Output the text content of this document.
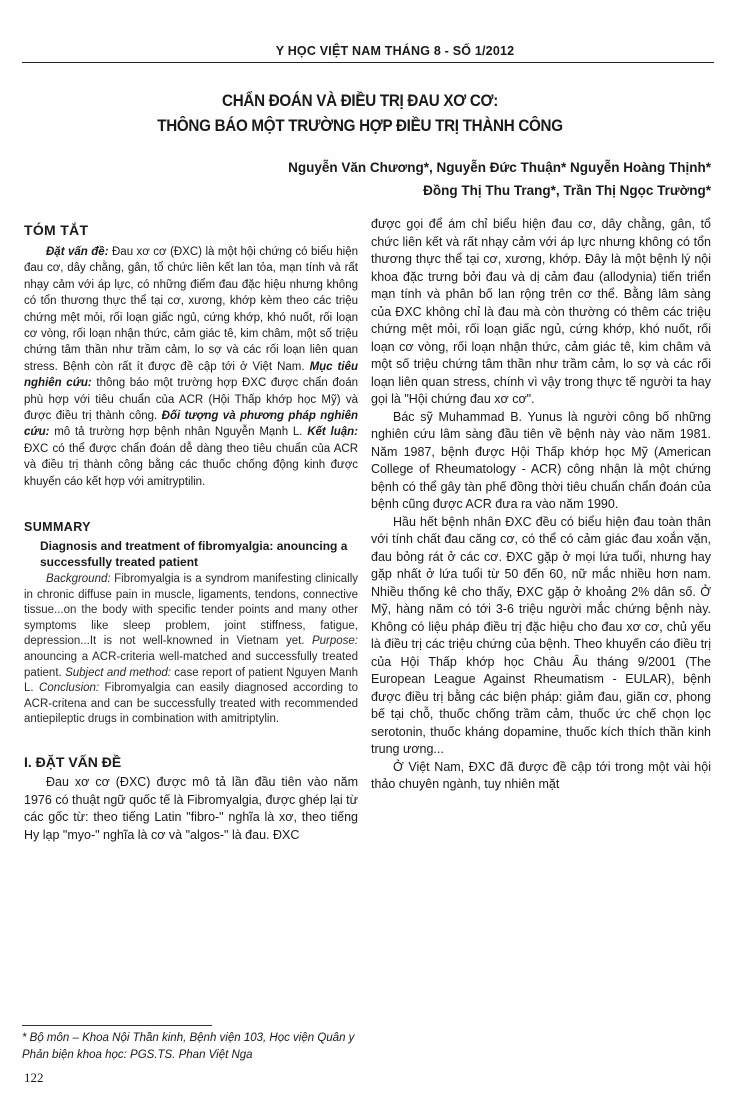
Y HỌC VIỆT NAM THÁNG 8 - SỐ 1/2012
CHẨN ĐOÁN VÀ ĐIỀU TRỊ ĐAU XƠ CƠ:
THÔNG BÁO MỘT TRƯỜNG HỢP ĐIỀU TRỊ THÀNH CÔNG
Nguyễn Văn Chương*, Nguyễn Đức Thuận* Nguyễn Hoàng Thịnh*
Đồng Thị Thu Trang*, Trần Thị Ngọc Trường*
TÓM TẮT

Đặt vấn đề: Đau xơ cơ (ĐXC) là một hội chứng có biểu hiện đau cơ, dây chằng, gân, tổ chức liên kết lan tỏa, mạn tính và rất nhạy cảm với áp lực, có những điểm đau đặc hiệu nhưng không có tổn thương thực thể tại cơ, xương, khớp kèm theo các triệu chứng mệt mỏi, rối loạn giấc ngủ, cứng khớp, khó nuốt, rối loạn cơ vòng, rối loạn nhận thức, cảm giác tê, kim châm, một số triệu chứng tâm thần như trầm cảm, lo sợ và các rối loạn liên quan stress. Bệnh còn rất ít được đề cập tới ở Việt Nam. Mục tiêu nghiên cứu: thông báo một trường hợp ĐXC được chẩn đoán phù hợp với tiêu chuẩn của ACR (Hội Thấp khớp học Mỹ) và được điều trị thành công. Đối tượng và phương pháp nghiên cứu: mô tả trường hợp bệnh nhân Nguyễn Mạnh L. Kết luận: ĐXC có thể được chẩn đoán dễ dàng theo tiêu chuẩn của ACR và điều trị thành công bằng các thuốc chống động kinh được khuyến cáo kết hợp với amitryptilin.

SUMMARY
Diagnosis and treatment of fibromyalgia: anouncing a successfully treated patient

Background: Fibromyalgia is a syndrom manifesting clinically in chronic diffuse pain in muscle, ligaments, tendons, connective tissue...on the body with specific tender points and many other symptoms like sleep problem, joint stiffness, fatigue, depression...It is not well-knowned in Vietnam yet. Purpose: anouncing a ACR-criteria well-matched and successfully treated patient. Subject and method: case report of patient Nguyen Manh L. Conclusion: Fibromyalgia can easily diagnosed according to ACR-critena and can be successfully treated with recommended antiepileptic drugs in combination with amitriptylin.

I. ĐẶT VẤN ĐỀ

Đau xơ cơ (ĐXC) được mô tả lần đầu tiên vào năm 1976 có thuật ngữ quốc tế là Fibromyalgia, được ghép lại từ các gốc từ: theo tiếng Latin "fibro-" nghĩa là xơ, theo tiếng Hy lạp "myo-" nghĩa là cơ và "algos-" là đau. ĐXC

được gọi để ám chỉ biểu hiện đau cơ, dây chằng, gân, tổ chức liên kết và rất nhạy cảm với áp lực nhưng không có tổn thương thực thể tại cơ, xương, khớp. Đây là một bệnh lý nội khoa đặc trưng bởi đau và dị cảm đau (allodynia) tiến triển mạn tính và phân bố lan rộng trên cơ thể. Bằng lâm sàng của ĐXC không chỉ là đau mà còn thường có thêm các triệu chứng mệt mỏi, rối loạn giấc ngủ, cứng khớp, khó nuốt, rối loạn cơ vòng, rối loạn nhận thức, cảm giác tê, kim châm và một số triệu chứng tâm thần như trầm cảm, lo sợ và các rối loạn liên quan stress, chính vì vậy trong thực tế người ta hay gọi là "Hội chứng đau xơ cơ".

Bác sỹ Muhammad B. Yunus là người công bố những nghiên cứu lâm sàng đầu tiên về bệnh này vào năm 1981. Năm 1987, bệnh được Hội Thấp khớp học Mỹ (American College of Rheumatology - ACR) công nhận là một chứng bệnh có thể gây tàn phế đồng thời tiêu chuẩn chẩn đoán của bệnh cũng được ACR đưa ra vào năm 1990.

Hầu hết bệnh nhân ĐXC đều có biểu hiện đau toàn thân với tính chất đau căng cơ, có thể có cảm giác đau xoắn vặn, đau bỏng rát ở các cơ. ĐXC gặp ở mọi lứa tuổi, nhưng hay gặp nhất ở lứa tuổi từ 50 đến 60, nữ mắc nhiều hơn nam. Nhiều thống kê cho thấy, ĐXC gặp ở khoảng 2% dân số. Ở Mỹ, hàng năm có tới 3-6 triệu người mắc chứng bệnh này. Không có liệu pháp điều trị đặc hiệu cho đau xơ cơ, chủ yếu là điều trị các triệu chứng của bệnh. Theo khuyến cáo điều trị của Hội Thấp khớp học Châu Âu tháng 9/2001 (The European League Against Rheumatism - EULAR), bệnh được điều trị bằng các biện pháp: giảm đau, giãn cơ, phong bế tại chỗ, thuốc chống trầm cảm, thuốc ức chế chọn lọc serotonin, thuốc kháng dopamine, thuốc kích thích thần kinh trung ương...

Ở Việt Nam, ĐXC đã được đề cập tới trong một vài hội thảo chuyên ngành, tuy nhiên mặt

* Bộ môn – Khoa Nội Thần kinh, Bệnh viện 103, Học viện Quân y
Phản biện khoa học: PGS.TS. Phan Việt Nga
122
